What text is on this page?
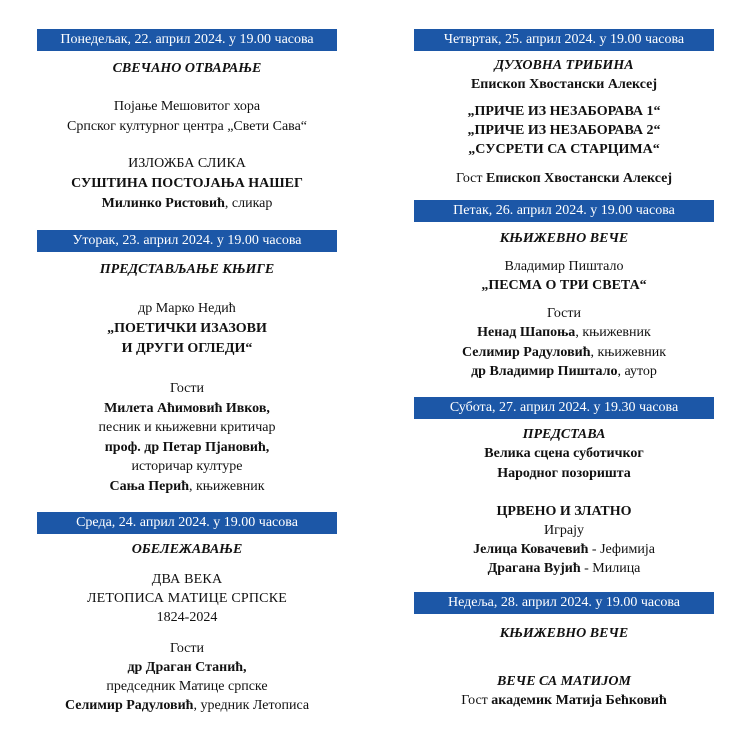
Понедељак, 22. април 2024. у 19.00 часова
СВЕЧАНО ОТВАРАЊЕ
Појање Мешовитог хора
Српског културног центра „Свети Сава“
ИЗЛОЖБА СЛИКА
СУШТИНА ПОСТОЈАЊА НАШЕГ
Милинко Ристовић, сликар
Уторак, 23. април 2024. у 19.00 часова
ПРЕДСТАВЉАЊЕ КЊИГЕ
др Марко Недић
„ПОЕТИЧКИ ИЗАЗОВИ
И ДРУГИ ОГЛЕДИ“
Гости
Милета Аћимовић Ивков,
песник и књижевни критичар
проф. др Петар Пјановић,
историчар културе
Сања Перић, књижевник
Среда, 24. април 2024. у 19.00 часова
ОБЕЛЕЖАВАЊЕ
ДВА ВЕКА
ЛЕТОПИСА МАТИЦЕ СРПСКЕ
1824-2024
Гости
др Драган Станић,
председник Матице српске
Селимир Радуловић, уредник Летописа
Четвртак, 25. април 2024. у 19.00 часова
ДУХОВНА ТРИБИНА
Епископ Хвостански Алексеј
„ПРИЧЕ ИЗ НЕЗАБОРАВА 1“
„ПРИЧЕ ИЗ НЕЗАБОРАВА 2“
„СУСРЕТИ СА СТАРЦИМА“
Гост Епископ Хвостански Алексеј
Петак, 26. април 2024. у 19.00 часова
КЊИЖЕВНО ВЕЧЕ
Владимир Пиштало
„ПЕСМА О ТРИ СВЕТА“
Гости
Ненад Шапоња, књижевник
Селимир Радуловић, књижевник
др Владимир Пиштало, аутор
Субота, 27. април 2024. у 19.30 часова
ПРЕДСТАВА
Велика сцена суботичког
Народног позоришта
ЦРВЕНО И ЗЛАТНО
Играју
Јелица Ковачевић - Јефимија
Драгана Вујић - Милица
Недеља, 28. април 2024. у 19.00 часова
КЊИЖЕВНО ВЕЧЕ
ВЕЧЕ СА МАТИЈОМ
Гост академик Матија Бећковић
